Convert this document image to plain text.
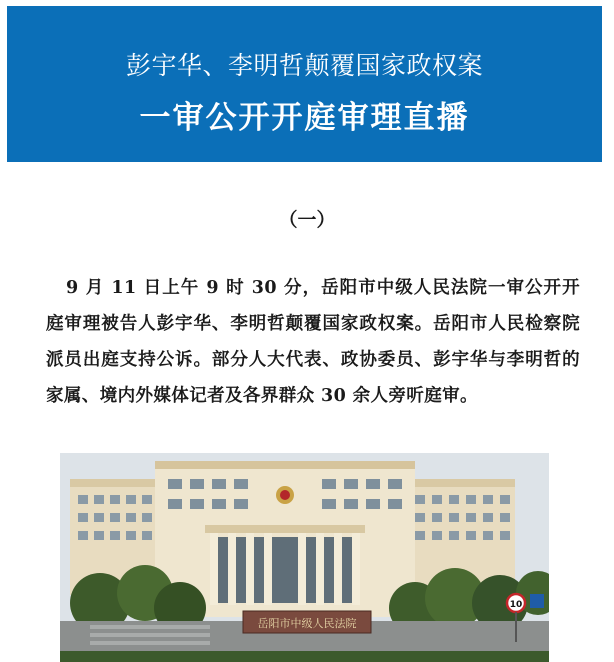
彭宇华、李明哲颠覆国家政权案
一审公开开庭审理直播
（一）
9 月 11 日上午 9 时 30 分，岳阳市中级人民法院一审公开开庭审理被告人彭宇华、李明哲颠覆国家政权案。岳阳市人民检察院派员出庭支持公诉。部分人大代表、政协委员、彭宇华与李明哲的家属、境内外媒体记者及各界群众 30 余人旁听庭审。
岳阳市中级人民法院
10
